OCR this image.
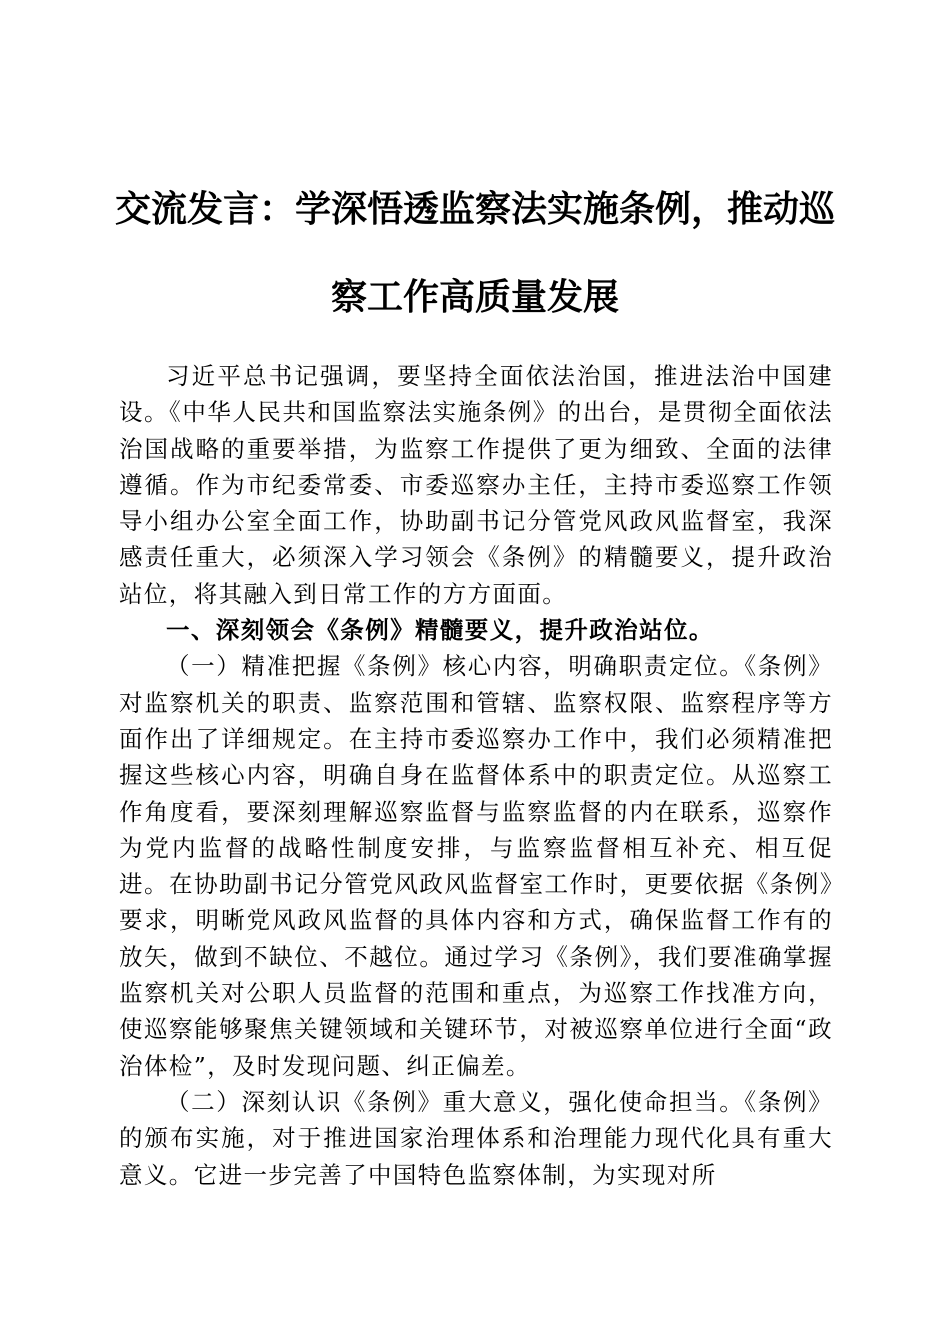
交流发言：学深悟透监察法实施条例，推动巡察工作高质量发展

习近平总书记强调，要坚持全面依法治国，推进法治中国建设。《中华人民共和国监察法实施条例》的出台，是贯彻全面依法治国战略的重要举措，为监察工作提供了更为细致、全面的法律遵循。作为市纪委常委、市委巡察办主任，主持市委巡察工作领导小组办公室全面工作，协助副书记分管党风政风监督室，我深感责任重大，必须深入学习领会《条例》的精髓要义，提升政治站位，将其融入到日常工作的方方面面。

一、深刻领会《条例》精髓要义，提升政治站位。

（一）精准把握《条例》核心内容，明确职责定位。《条例》对监察机关的职责、监察范围和管辖、监察权限、监察程序等方面作出了详细规定。在主持市委巡察办工作中，我们必须精准把握这些核心内容，明确自身在监督体系中的职责定位。从巡察工作角度看，要深刻理解巡察监督与监察监督的内在联系，巡察作为党内监督的战略性制度安排，与监察监督相互补充、相互促进。在协助副书记分管党风政风监督室工作时，更要依据《条例》要求，明晰党风政风监督的具体内容和方式，确保监督工作有的放矢，做到不缺位、不越位。通过学习《条例》，我们要准确掌握监察机关对公职人员监督的范围和重点，为巡察工作找准方向，使巡察能够聚焦关键领域和关键环节，对被巡察单位进行全面“政治体检”，及时发现问题、纠正偏差。

（二）深刻认识《条例》重大意义，强化使命担当。《条例》的颁布实施，对于推进国家治理体系和治理能力现代化具有重大意义。它进一步完善了中国特色监察体制，为实现对所
